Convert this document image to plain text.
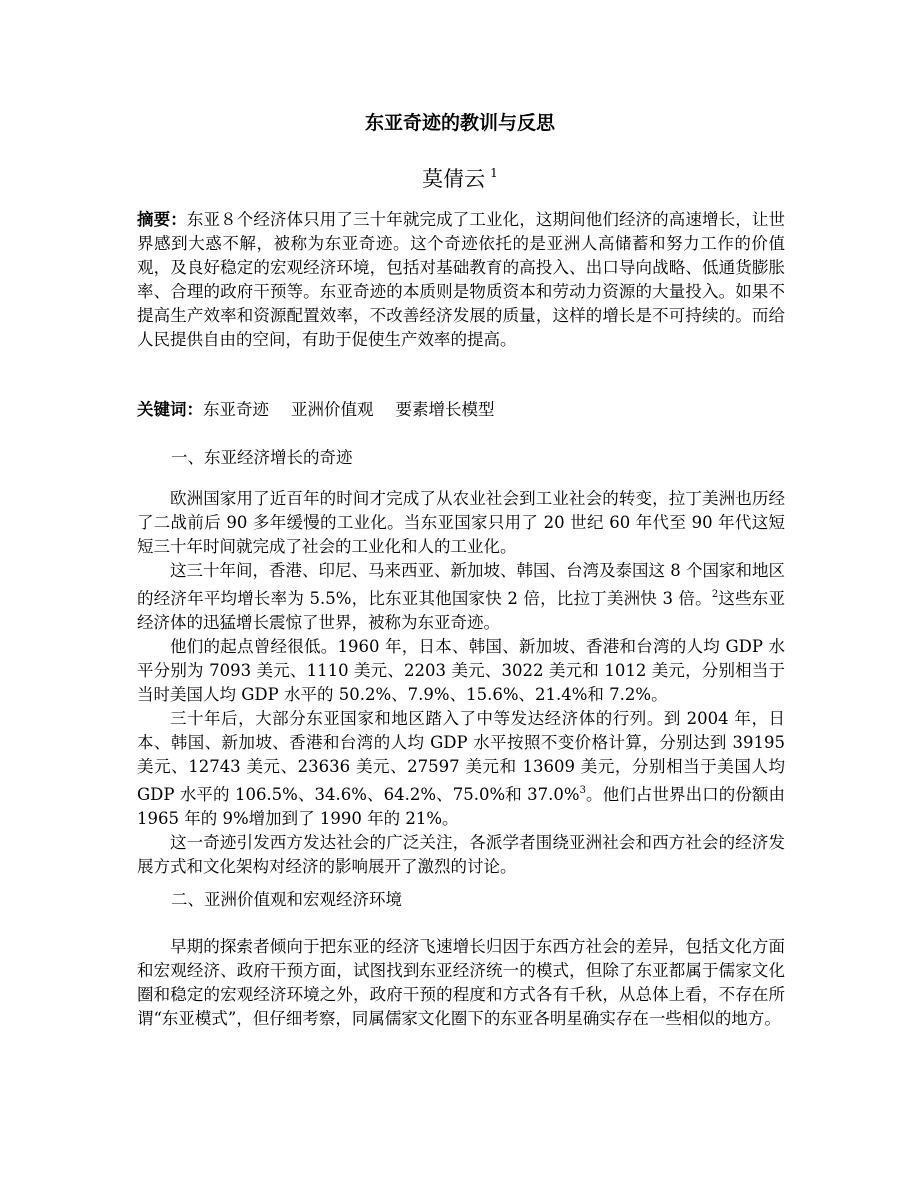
东亚奇迹的教训与反思
莫倩云 $^1$
摘要：东亚８个经济体只用了三十年就完成了工业化，这期间他们经济的高速增长，让世界感到大惑不解，被称为东亚奇迹。这个奇迹依托的是亚洲人高储蓄和努力工作的价值观，及良好稳定的宏观经济环境，包括对基础教育的高投入、出口导向战略、低通货膨胀率、合理的政府干预等。东亚奇迹的本质则是物质资本和劳动力资源的大量投入。如果不提高生产效率和资源配置效率，不改善经济发展的质量，这样的增长是不可持续的。而给人民提供自由的空间，有助于促使生产效率的提高。
关键词：东亚奇迹 亚洲价值观 要素增长模型
一、东亚经济增长的奇迹

欧洲国家用了近百年的时间才完成了从农业社会到工业社会的转变，拉丁美洲也历经了二战前后 90 多年缓慢的工业化。当东亚国家只用了 20 世纪 60 年代至 90 年代这短短三十年时间就完成了社会的工业化和人的工业化。

这三十年间，香港、印尼、马来西亚、新加坡、韩国、台湾及泰国这 8 个国家和地区的经济年平均增长率为 5.5%，比东亚其他国家快 2 倍，比拉丁美洲快 3 倍。$^2$这些东亚经济体的迅猛增长震惊了世界，被称为东亚奇迹。

他们的起点曾经很低。1960 年，日本、韩国、新加坡、香港和台湾的人均 GDP 水平分别为 7093 美元、1110 美元、2203 美元、3022 美元和 1012 美元，分别相当于当时美国人均 GDP 水平的 50.2%、7.9%、15.6%、21.4%和 7.2%。

三十年后，大部分东亚国家和地区踏入了中等发达经济体的行列。到 2004 年，日本、韩国、新加坡、香港和台湾的人均 GDP 水平按照不变价格计算，分别达到 39195 美元、12743 美元、23636 美元、27597 美元和 13609 美元，分别相当于美国人均 GDP 水平的 106.5%、34.6%、64.2%、75.0%和 37.0%$^3$。他们占世界出口的份额由 1965 年的 9%增加到了 1990 年的 21%。

这一奇迹引发西方发达社会的广泛关注，各派学者围绕亚洲社会和西方社会的经济发展方式和文化架构对经济的影响展开了激烈的讨论。

二、亚洲价值观和宏观经济环境

早期的探索者倾向于把东亚的经济飞速增长归因于东西方社会的差异，包括文化方面和宏观经济、政府干预方面，试图找到东亚经济统一的模式，但除了东亚都属于儒家文化圈和稳定的宏观经济环境之外，政府干预的程度和方式各有千秋，从总体上看，不存在所谓“东亚模式”，但仔细考察，同属儒家文化圈下的东亚各明星确实存在一些相似的地方。
